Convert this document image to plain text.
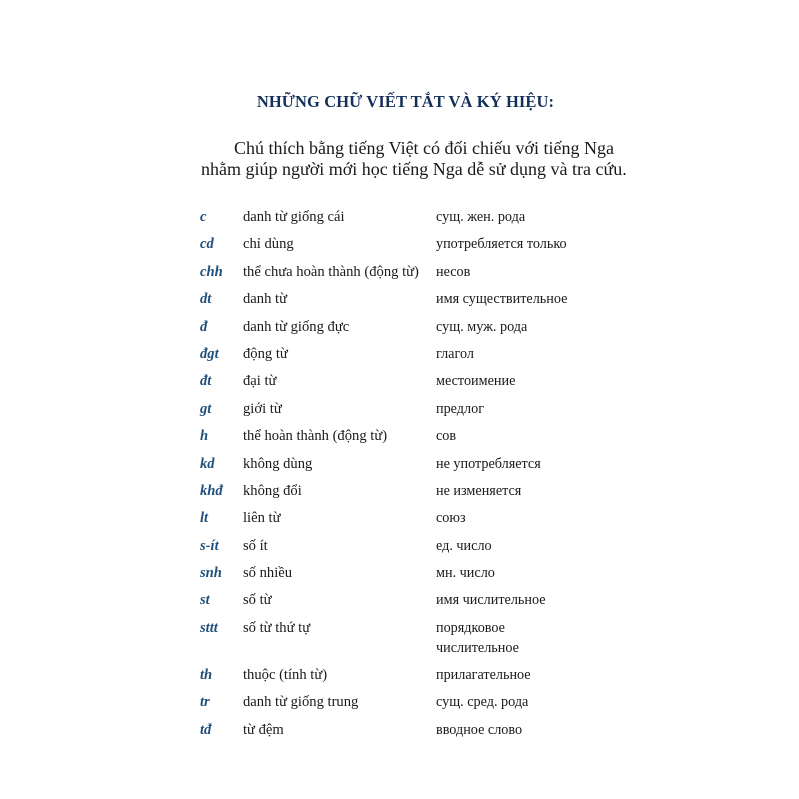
NHỮNG CHỮ VIẾT TẮT VÀ KÝ HIỆU:
Chú thích bằng tiếng Việt có đối chiếu với tiếng Nga
nhằm giúp người mới học tiếng Nga dễ sử dụng và tra cứu.
c	danh từ giống cái	сущ. жен. рода
cd chỉ dùng	употребляется только
chh thể chưa hoàn thành (động từ) несов
dt danh từ	имя существительное
đ danh từ giống đực	сущ. муж. рода
đgt động từ	глагол
đt đại từ	местоимение
gt giới từ	предлог
h thể hoàn thành (động từ)	сов
kd không dùng	не употребляется
khđ không đổi	не изменяется
lt liên từ	союз
s-ít số ít	ед. число
snh số nhiều	мн. число
st số từ	имя числительное
sttt số từ thứ tự	порядковое числительное
th thuộc (tính từ)	прилагательное
tr danh từ giống trung	сущ. сред. рода
tđ từ đệm	вводное слово
